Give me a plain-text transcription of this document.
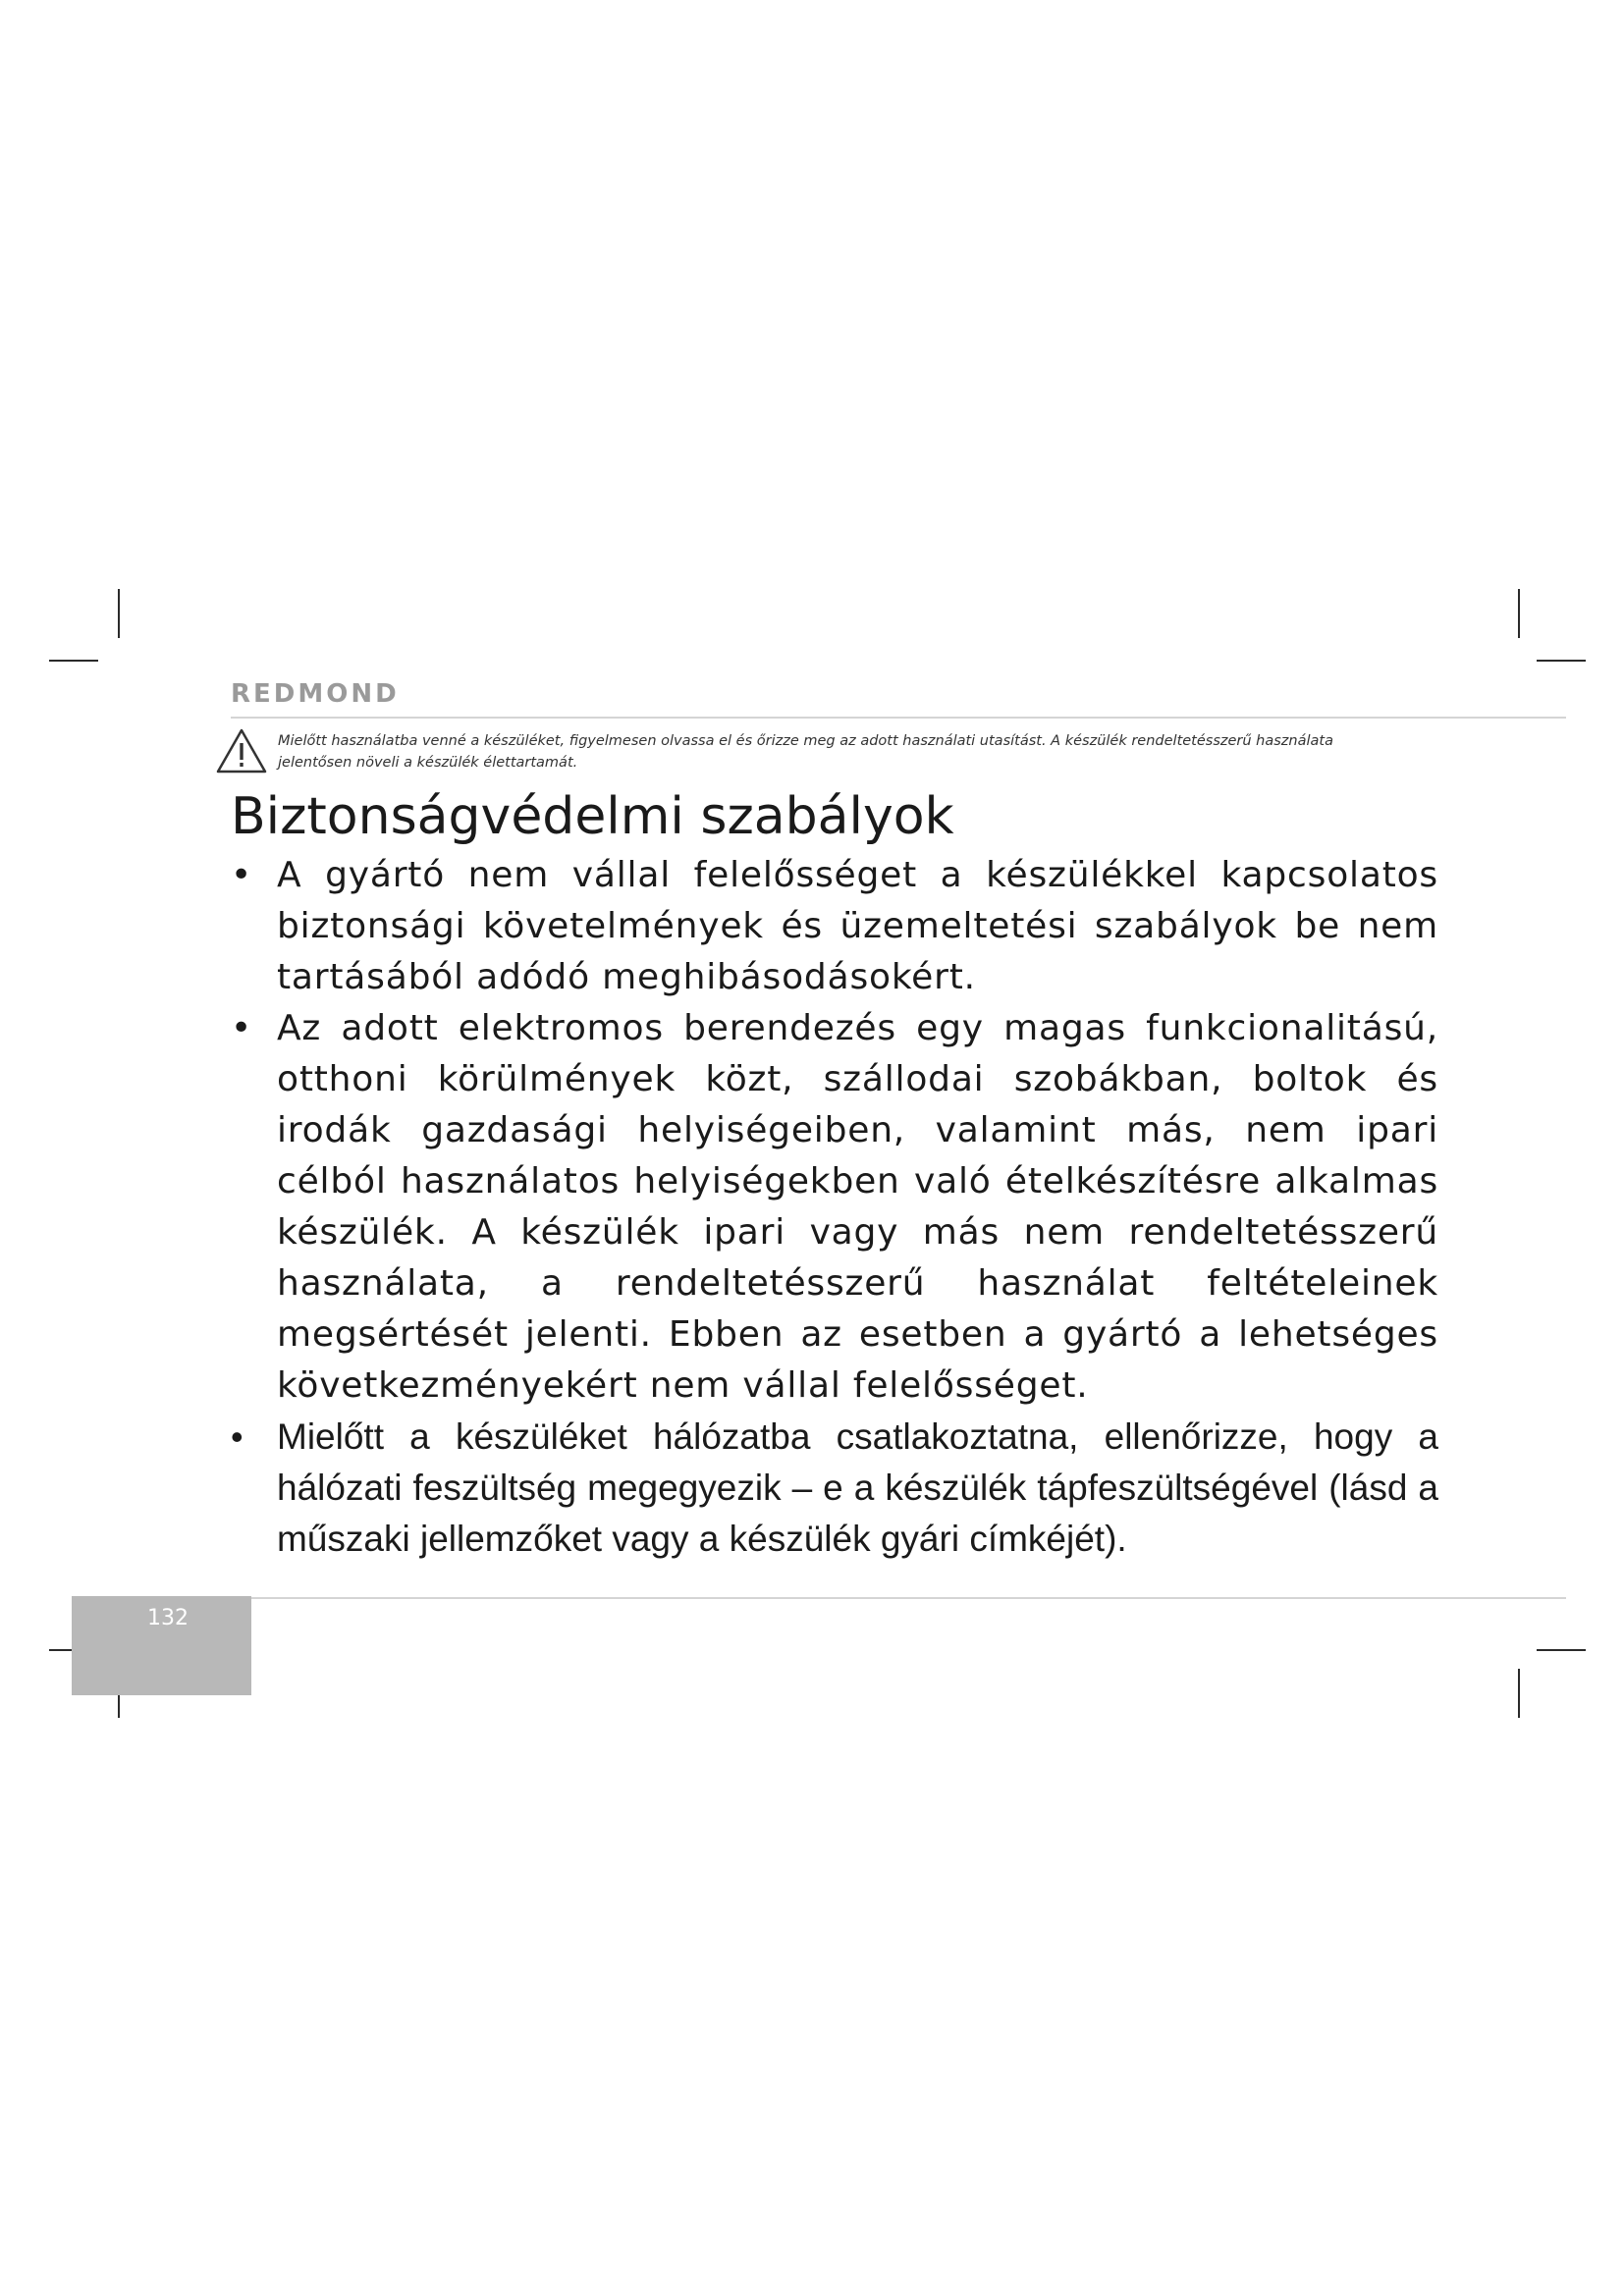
REDMOND
Mielőtt használatba venné a készüléket, figyelmesen olvassa el és őrizze meg az adott használati utasítást. A készülék rendeltetésszerű használata jelentősen növeli a készülék élettartamát.
Biztonságvédelmi szabályok
• A gyártó nem vállal felelősséget a készülékkel kapcsolatos biztonsági követelmények és üzemeltetési szabályok be nem tartásából adódó meghibásodásokért.
• Az adott elektromos berendezés egy magas funkcionalitású, otthoni körülmények közt, szállodai szobákban, boltok és irodák gazdasági helyiségeiben, valamint más, nem ipari célból használatos helyiségekben való ételkészítésre alkalmas készülék. A készülék ipari vagy más nem rendeltetésszerű használata, a rendeltetésszerű használat feltételeinek megsértését jelenti. Ebben az esetben a gyártó a lehetséges következményekért nem vállal felelősséget.
• Mielőtt a készüléket hálózatba csatlakoztatna, ellenőrizze, hogy a hálózati feszültség megegyezik – e a készülék tápfeszültségével (lásd a műszaki jellemzőket vagy a készülék gyári címkéjét).
132
